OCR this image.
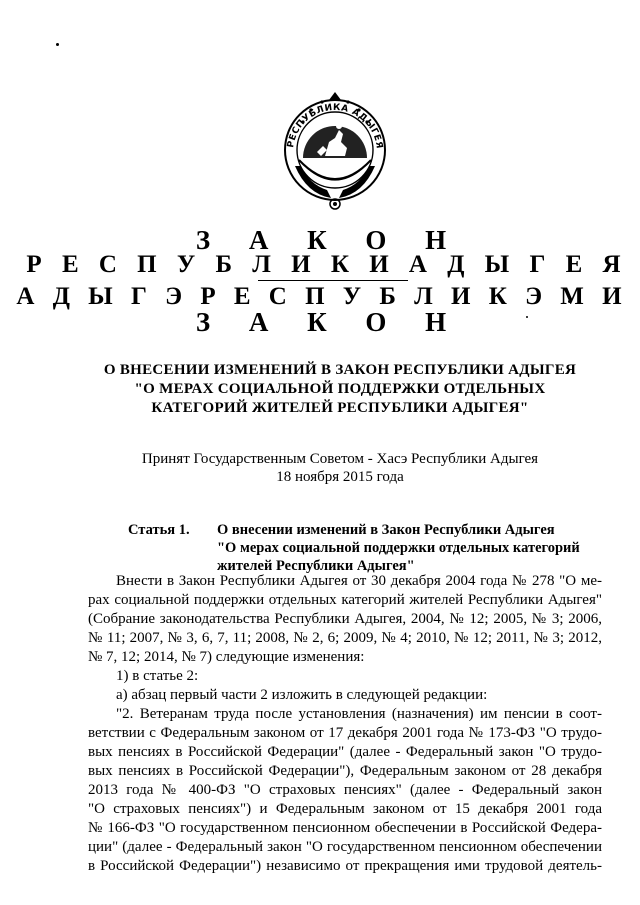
РЕСПУБЛИКА АДЫГЕЯ
З А К О Н
Р Е С П У Б Л И К И А Д Ы Г Е Я
А Д Ы Г Э Р Е С П У Б Л И К Э М И
З А К О Н
О ВНЕСЕНИИ ИЗМЕНЕНИЙ В ЗАКОН РЕСПУБЛИКИ АДЫГЕЯ
"О МЕРАХ СОЦИАЛЬНОЙ ПОДДЕРЖКИ ОТДЕЛЬНЫХ
КАТЕГОРИЙ ЖИТЕЛЕЙ РЕСПУБЛИКИ АДЫГЕЯ"
Принят Государственным Советом - Хасэ Республики Адыгея
18 ноября 2015 года
Статья 1. О внесении изменений в Закон Республики Адыгея
"О мерах социальной поддержки отдельных категорий
жителей Республики Адыгея"
Внести в Закон Республики Адыгея от 30 декабря 2004 года № 278 "О ме-
рах социальной поддержки отдельных категорий жителей Республики Адыгея"
(Собрание законодательства Республики Адыгея, 2004, № 12; 2005, № 3; 2006,
№ 11; 2007, № 3, 6, 7, 11; 2008, № 2, 6; 2009, № 4; 2010, № 12; 2011, № 3; 2012,
№ 7, 12; 2014, № 7) следующие изменения:
1) в статье 2:
а) абзац первый части 2 изложить в следующей редакции:
"2. Ветеранам труда после установления (назначения) им пенсии в соот-
ветствии с Федеральным законом от 17 декабря 2001 года № 173-ФЗ "О трудо-
вых пенсиях в Российской Федерации" (далее - Федеральный закон "О трудо-
вых пенсиях в Российской Федерации"), Федеральным законом от 28 декабря
2013 года № 400-ФЗ "О страховых пенсиях" (далее - Федеральный закон
"О страховых пенсиях") и Федеральным законом от 15 декабря 2001 года
№ 166-ФЗ "О государственном пенсионном обеспечении в Российской Федера-
ции" (далее - Федеральный закон "О государственном пенсионном обеспечении
в Российской Федерации") независимо от прекращения ими трудовой деятель-
